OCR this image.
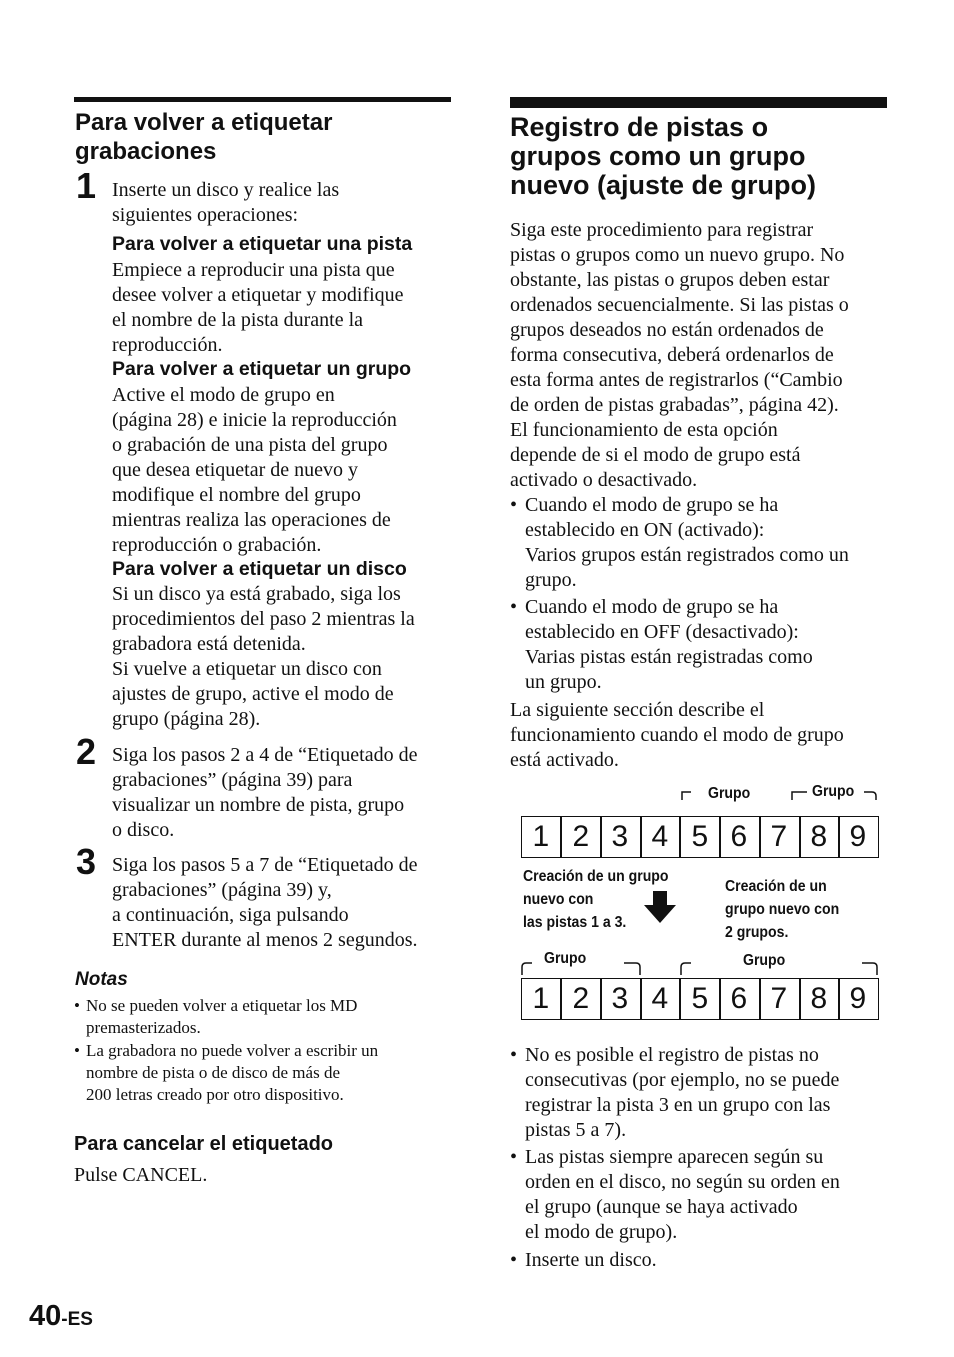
Para volver a etiquetar
grabaciones
1 Inserte un disco y realice las
siguientes operaciones:
Para volver a etiquetar una pista
Empiece a reproducir una pista que
desee volver a etiquetar y modifique
el nombre de la pista durante la
reproducción.
Para volver a etiquetar un grupo
Active el modo de grupo en
(página 28) e inicie la reproducción
o grabación de una pista del grupo
que desea etiquetar de nuevo y
modifique el nombre del grupo
mientras realiza las operaciones de
reproducción o grabación.
Para volver a etiquetar un disco
Si un disco ya está grabado, siga los
procedimientos del paso 2 mientras la
grabadora está detenida.
Si vuelve a etiquetar un disco con
ajustes de grupo, active el modo de
grupo (página 28).
2 Siga los pasos 2 a 4 de “Etiquetado de
grabaciones” (página 39) para
visualizar un nombre de pista, grupo
o disco.
3 Siga los pasos 5 a 7 de “Etiquetado de
grabaciones” (página 39) y,
a continuación, siga pulsando
ENTER durante al menos 2 segundos.
Notas
• No se pueden volver a etiquetar los MD
premasterizados.
• La grabadora no puede volver a escribir un
nombre de pista o de disco de más de
200 letras creado por otro dispositivo.
Para cancelar el etiquetado
Pulse CANCEL.
40-ES
Registro de pistas o
grupos como un grupo
nuevo (ajuste de grupo)
Siga este procedimiento para registrar
pistas o grupos como un nuevo grupo. No
obstante, las pistas o grupos deben estar
ordenados secuencialmente. Si las pistas o
grupos deseados no están ordenados de
forma consecutiva, deberá ordenarlos de
esta forma antes de registrarlos (“Cambio
de orden de pistas grabadas”, página 42).
El funcionamiento de esta opción
depende de si el modo de grupo está
activado o desactivado.
• Cuando el modo de grupo se ha
establecido en ON (activado):
Varios grupos están registrados como un
grupo.
• Cuando el modo de grupo se ha
establecido en OFF (desactivado):
Varias pistas están registradas como
un grupo.
La siguiente sección describe el
funcionamiento cuando el modo de grupo
está activado.
Grupo	Grupo
1 2 3 4 5 6 7 8 9
Creación de un grupo
nuevo con
las pistas 1 a 3.
Creación de un
grupo nuevo con
2 grupos.
Grupo	Grupo
1 2 3 4 5 6 7 8 9
• No es posible el registro de pistas no
consecutivas (por ejemplo, no se puede
registrar la pista 3 en un grupo con las
pistas 5 a 7).
• Las pistas siempre aparecen según su
orden en el disco, no según su orden en
el grupo (aunque se haya activado
el modo de grupo).
• Inserte un disco.
